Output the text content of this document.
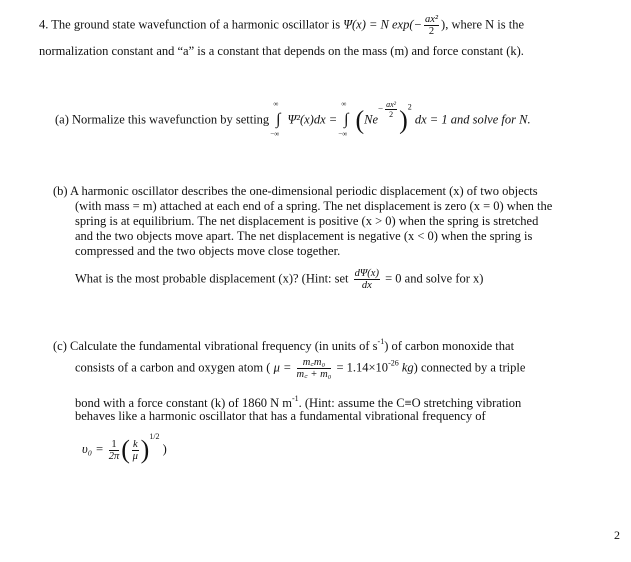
4. The ground state wavefunction of a harmonic oscillator is Ψ(x) = N $\exp(- \frac{\text{ax²}}{2}$ ), where N is the
normalization constant and “a” is a constant that depends on the mass (m) and force constant (k).
(a) Normalize this wavefunction by setting ∫
∞
−∞
Ψ²(x)dx = ∫
∞
−∞ $(Ne- \frac{\text{ax²}}{2} )^2$ dx = 1 and solve for N.
(b) A harmonic oscillator describes the one-dimensional periodic displacement (x) of two objects
(with mass = m) attached at each end of a spring. The net displacement is zero (x = 0) when the
spring is at equilibrium. The net displacement is positive (x > 0) when the spring is stretched
and the two objects move apart. The net displacement is negative (x < 0) when the spring is
compressed and the two objects move close together.
What is the most probable displacement (x)? (Hint: set $\frac{d\Psi(x)}{dx} = 0$ and solve for x)
(c) Calculate the fundamental vibrational frequency (in units of $s^{-1}$) of carbon monoxide that
consists of a carbon and oxygen atom ( $\mu = \frac{\text{m꜀m₀}}{\text{m꜀ + m₀}} = 1.14\times 10^{-26}$ kg) connected by a triple
bond with a force constant (k) of 1860 N $m^{-1}$. (Hint: assume the C≡O stretching vibration
behaves like a harmonic oscillator that has a fundamental vibrational frequency of
$\upsilon_0 = \frac{1}{2\pi}$ ( $\frac{k}{\mu} )^{1/2}$ )
2
